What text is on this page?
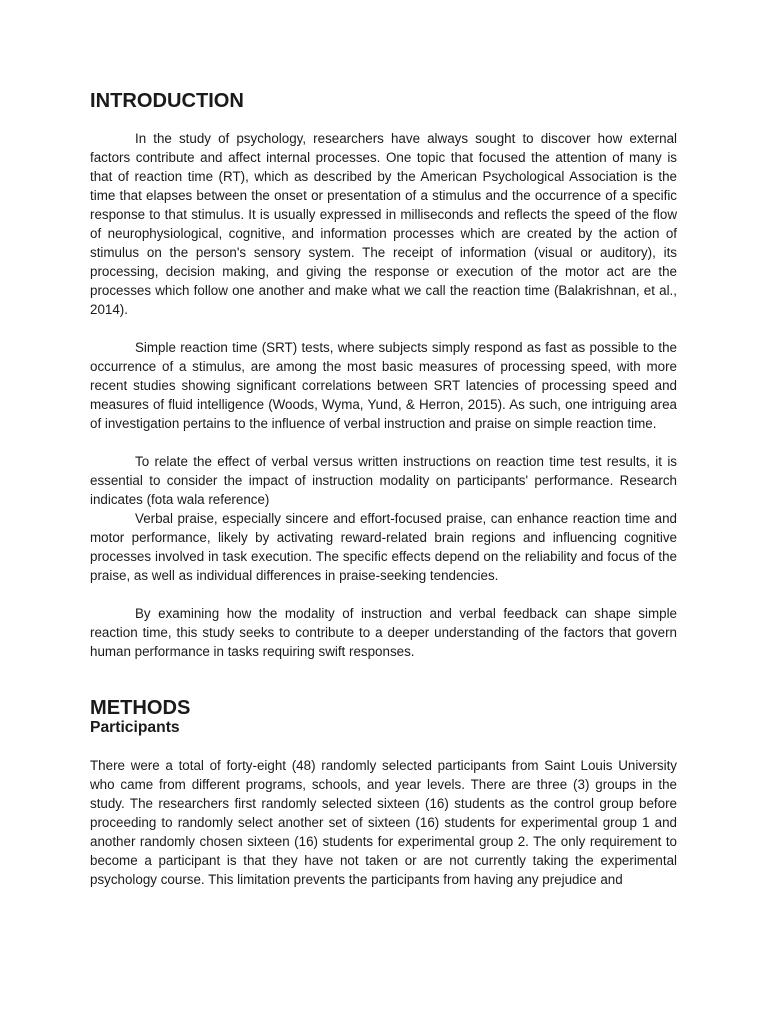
INTRODUCTION

In the study of psychology, researchers have always sought to discover how external factors contribute and affect internal processes. One topic that focused the attention of many is that of reaction time (RT), which as described by the American Psychological Association is the time that elapses between the onset or presentation of a stimulus and the occurrence of a specific response to that stimulus. It is usually expressed in milliseconds and reflects the speed of the flow of neurophysiological, cognitive, and information processes which are created by the action of stimulus on the person's sensory system. The receipt of information (visual or auditory), its processing, decision making, and giving the response or execution of the motor act are the processes which follow one another and make what we call the reaction time (Balakrishnan, et al., 2014).

Simple reaction time (SRT) tests, where subjects simply respond as fast as possible to the occurrence of a stimulus, are among the most basic measures of processing speed, with more recent studies showing significant correlations between SRT latencies of processing speed and measures of fluid intelligence (Woods, Wyma, Yund, & Herron, 2015). As such, one intriguing area of investigation pertains to the influence of verbal instruction and praise on simple reaction time.

To relate the effect of verbal versus written instructions on reaction time test results, it is essential to consider the impact of instruction modality on participants' performance. Research indicates (fota wala reference)

Verbal praise, especially sincere and effort-focused praise, can enhance reaction time and motor performance, likely by activating reward-related brain regions and influencing cognitive processes involved in task execution. The specific effects depend on the reliability and focus of the praise, as well as individual differences in praise-seeking tendencies.

By examining how the modality of instruction and verbal feedback can shape simple reaction time, this study seeks to contribute to a deeper understanding of the factors that govern human performance in tasks requiring swift responses.

METHODS
Participants

There were a total of forty-eight (48) randomly selected participants from Saint Louis University who came from different programs, schools, and year levels. There are three (3) groups in the study. The researchers first randomly selected sixteen (16) students as the control group before proceeding to randomly select another set of sixteen (16) students for experimental group 1 and another randomly chosen sixteen (16) students for experimental group 2. The only requirement to become a participant is that they have not taken or are not currently taking the experimental psychology course. This limitation prevents the participants from having any prejudice and
